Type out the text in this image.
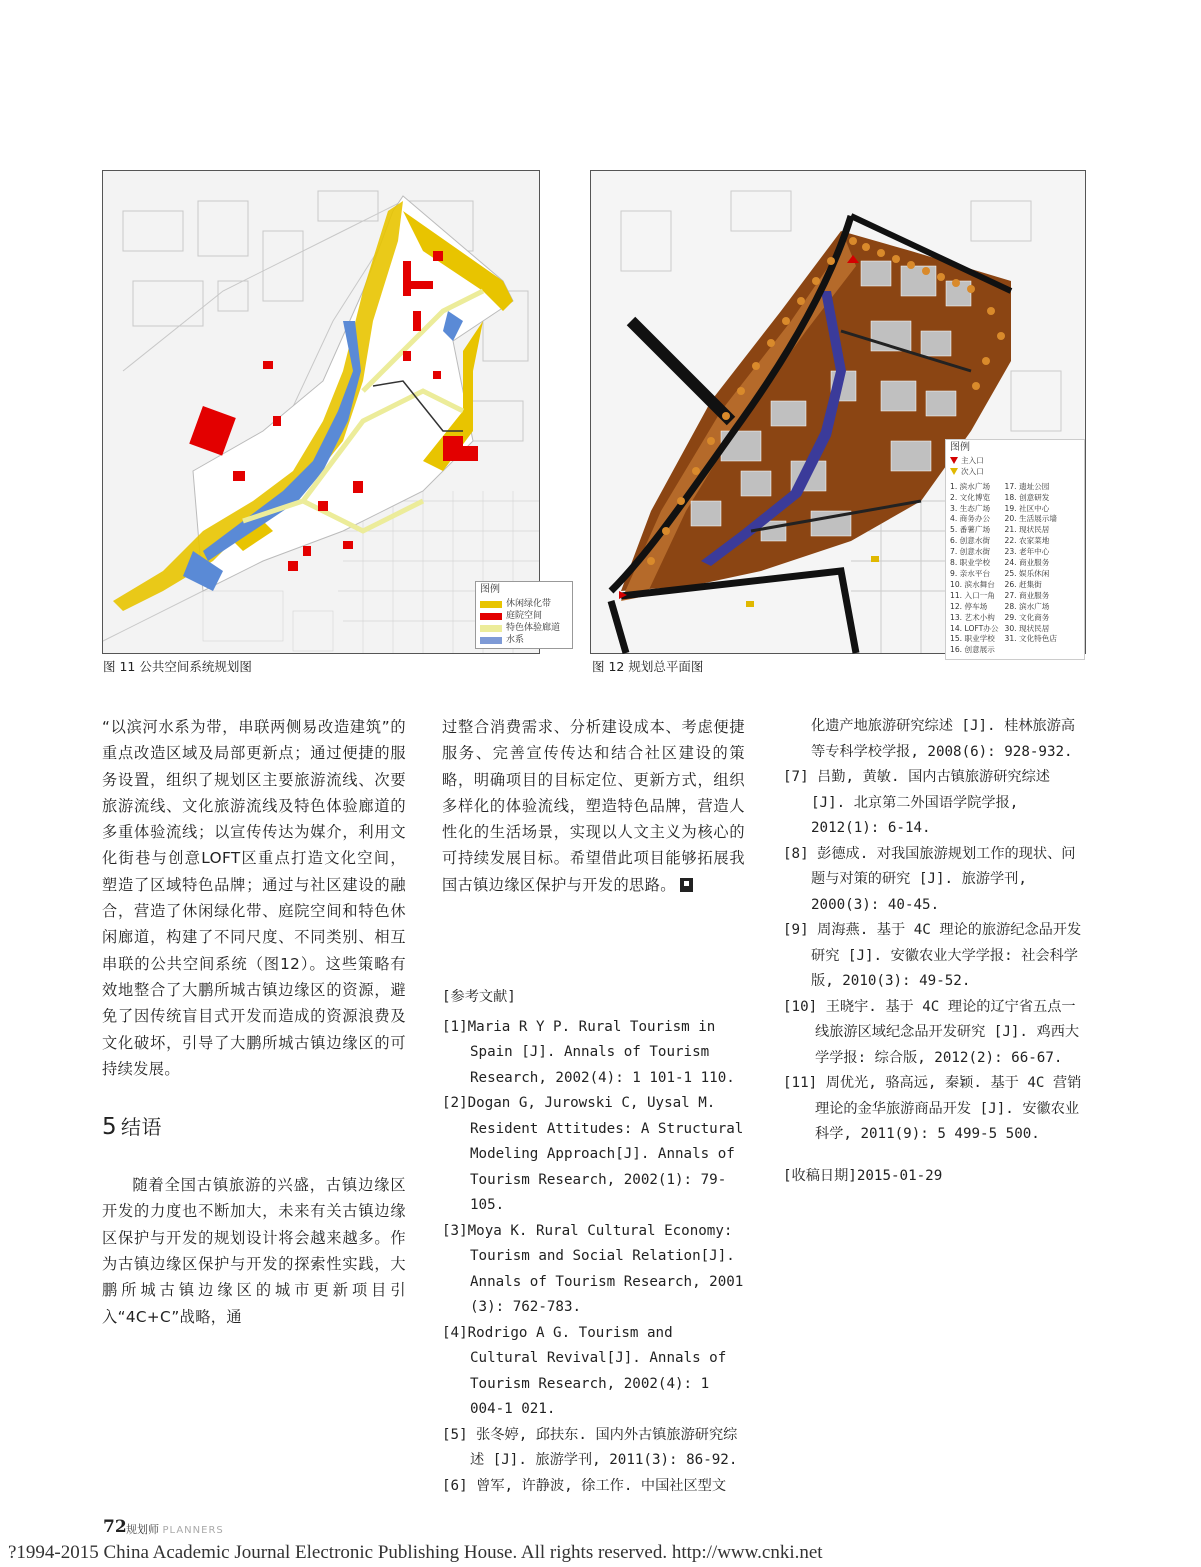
图例
休闲绿化带
庭院空间
特色体验廊道
水系
图 11 公共空间系统规划图
图例
主入口
次入口
1. 滨水广场
2. 文化博览
3. 生态广场
4. 商务办公
5. 番薯广场
6. 创意水街
7. 创意水街
8. 职业学校
9. 亲水平台
10. 滨水舞台
11. 入口一角
12. 停车场
13. 艺术小构
14. LOFT办公
15. 职业学校
16. 创意展示
17. 遗址公园
18. 创意研发
19. 社区中心
20. 生活展示墙
21. 现状民居
22. 农家菜地
23. 老年中心
24. 商业服务
25. 娱乐休闲
26. 赶集街
27. 商业服务
28. 滨水广场
29. 文化商务
30. 现状民居
31. 文化特色店
图 12 规划总平面图

“以滨河水系为带，串联两侧易改造建筑”的重点改造区域及局部更新点；通过便捷的服务设置，组织了规划区主要旅游流线、次要旅游流线、文化旅游流线及特色体验廊道的多重体验流线；以宣传传达为媒介，利用文化街巷与创意LOFT区重点打造文化空间，塑造了区域特色品牌；通过与社区建设的融合，营造了休闲绿化带、庭院空间和特色休闲廊道，构建了不同尺度、不同类别、相互串联的公共空间系统（图12）。这些策略有效地整合了大鹏所城古镇边缘区的资源，避免了因传统盲目式开发而造成的资源浪费及文化破坏，引导了大鹏所城古镇边缘区的可持续发展。

5 结语

随着全国古镇旅游的兴盛，古镇边缘区开发的力度也不断加大，未来有关古镇边缘区保护与开发的规划设计将会越来越多。作为古镇边缘区保护与开发的探索性实践，大鹏所城古镇边缘区的城市更新项目引入“4C+C”战略，通

过整合消费需求、分析建设成本、考虑便捷服务、完善宣传传达和结合社区建设的策略，明确项目的目标定位、更新方式，组织多样化的体验流线，塑造特色品牌，营造人性化的生活场景，实现以人文主义为核心的可持续发展目标。希望借此项目能够拓展我国古镇边缘区保护与开发的思路。

[参考文献]
[1]Maria R Y P. Rural Tourism in Spain [J]. Annals of Tourism Research, 2002(4): 1 101-1 110.
[2]Dogan G, Jurowski C, Uysal M. Resident Attitudes: A Structural Modeling Approach[J]. Annals of Tourism Research, 2002(1): 79-105.
[3]Moya K. Rural Cultural Economy: Tourism and Social Relation[J]. Annals of Tourism Research, 2001 (3): 762-783.
[4]Rodrigo A G. Tourism and Cultural Revival[J]. Annals of Tourism Research, 2002(4): 1 004-1 021.
[5] 张冬婷, 邱扶东. 国内外古镇旅游研究综述 [J]. 旅游学刊, 2011(3): 86-92.
[6] 曾军, 许静波, 徐工作. 中国社区型文
化遗产地旅游研究综述 [J]. 桂林旅游高等专科学校学报, 2008(6): 928-932.
[7] 吕勤, 黄敏. 国内古镇旅游研究综述 [J]. 北京第二外国语学院学报, 2012(1): 6-14.
[8] 彭德成. 对我国旅游规划工作的现状、问题与对策的研究 [J]. 旅游学刊, 2000(3): 40-45.
[9] 周海燕. 基于 4C 理论的旅游纪念品开发研究 [J]. 安徽农业大学学报: 社会科学版, 2010(3): 49-52.
[10] 王晓宇. 基于 4C 理论的辽宁省五点一线旅游区域纪念品开发研究 [J]. 鸡西大学学报: 综合版, 2012(2): 66-67.
[11] 周优光, 骆高远, 秦颖. 基于 4C 营销理论的金华旅游商品开发 [J]. 安徽农业科学, 2011(9): 5 499-5 500.
[收稿日期]2015-01-29
72 规划师 PLANNERS
?1994-2015 China Academic Journal Electronic Publishing House. All rights reserved. http://www.cnki.net
